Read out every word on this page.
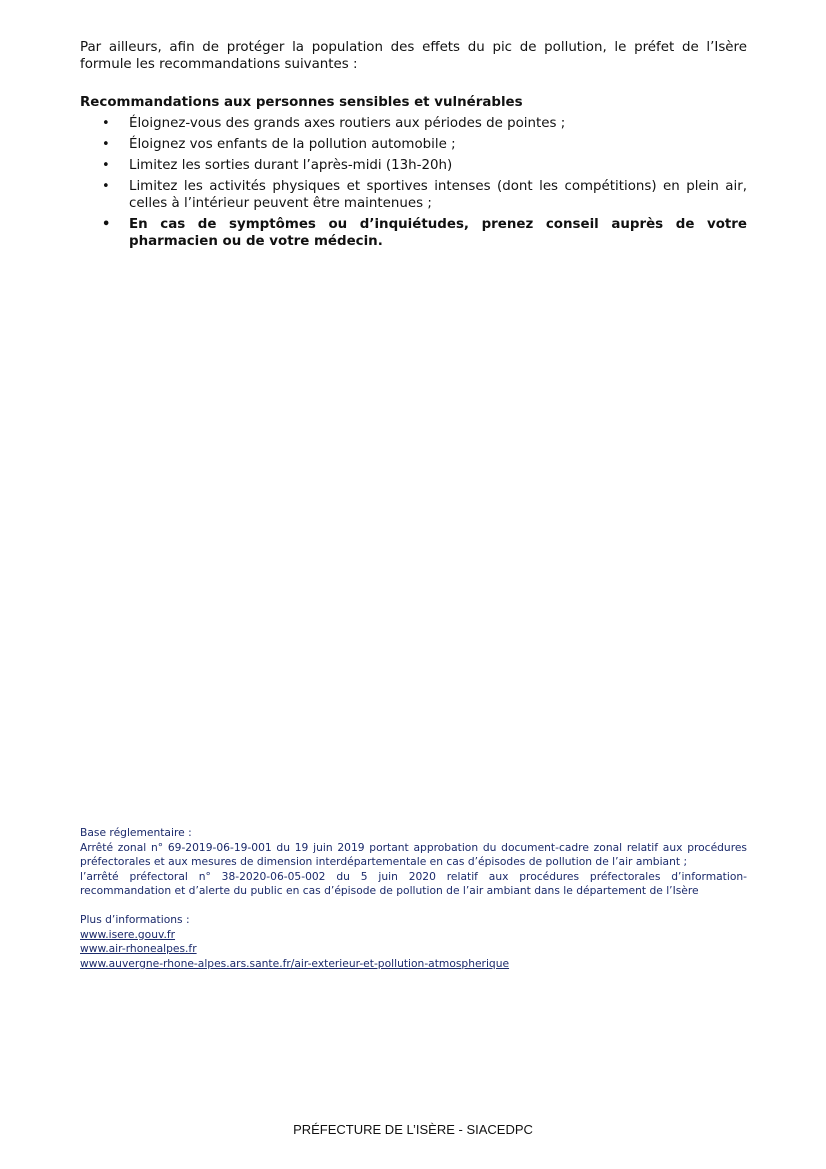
Par ailleurs, afin de protéger la population des effets du pic de pollution, le préfet de l’Isère formule les recommandations suivantes :

Recommandations aux personnes sensibles et vulnérables

• Éloignez-vous des grands axes routiers aux périodes de pointes ;
• Éloignez vos enfants de la pollution automobile ;
• Limitez les sorties durant l’après-midi (13h-20h)
• Limitez les activités physiques et sportives intenses (dont les compétitions) en plein air, celles à l’intérieur peuvent être maintenues ;
• En cas de symptômes ou d’inquiétudes, prenez conseil auprès de votre pharmacien ou de votre médecin.

Base réglementaire :

Arrêté zonal n° 69-2019-06-19-001 du 19 juin 2019 portant approbation du document-cadre zonal relatif aux procédures préfectorales et aux mesures de dimension interdépartementale en cas d’épisodes de pollution de l’air ambiant ;

l’arrêté préfectoral n° 38-2020-06-05-002 du 5 juin 2020 relatif aux procédures préfectorales d’information-recommandation et d’alerte du public en cas d’épisode de pollution de l’air ambiant dans le département de l’Isère

Plus d’informations :

www.isere.gouv.fr
www.air-rhonealpes.fr
www.auvergne-rhone-alpes.ars.sante.fr/air-exterieur-et-pollution-atmospherique
PRÉFECTURE DE L’ISÈRE - SIACEDPC
